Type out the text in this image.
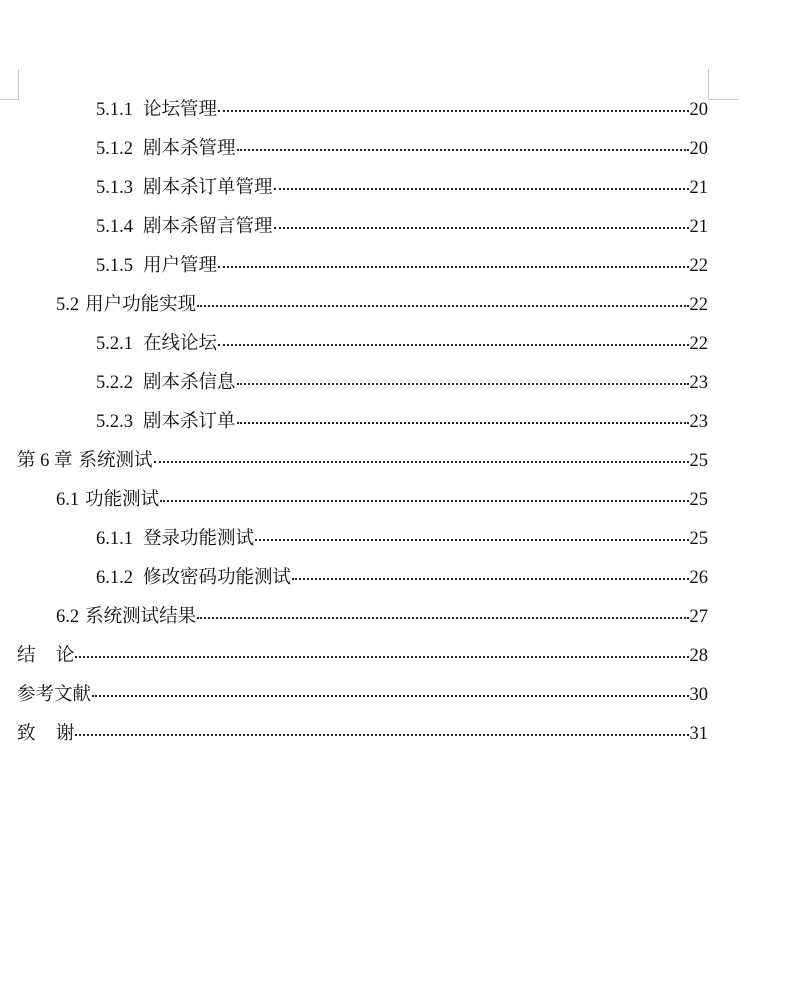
5.1.1 论坛管理	20
5.1.2 剧本杀管理	20
5.1.3 剧本杀订单管理	21
5.1.4 剧本杀留言管理	21
5.1.5 用户管理	22
5.2 用户功能实现	22
5.2.1 在线论坛	22
5.2.2 剧本杀信息	23
5.2.3 剧本杀订单	23
第 6 章 系统测试	25
6.1 功能测试	25
6.1.1 登录功能测试	25
6.1.2 修改密码功能测试	26
6.2 系统测试结果	27
结论	28
参考文献	30
致谢	31
